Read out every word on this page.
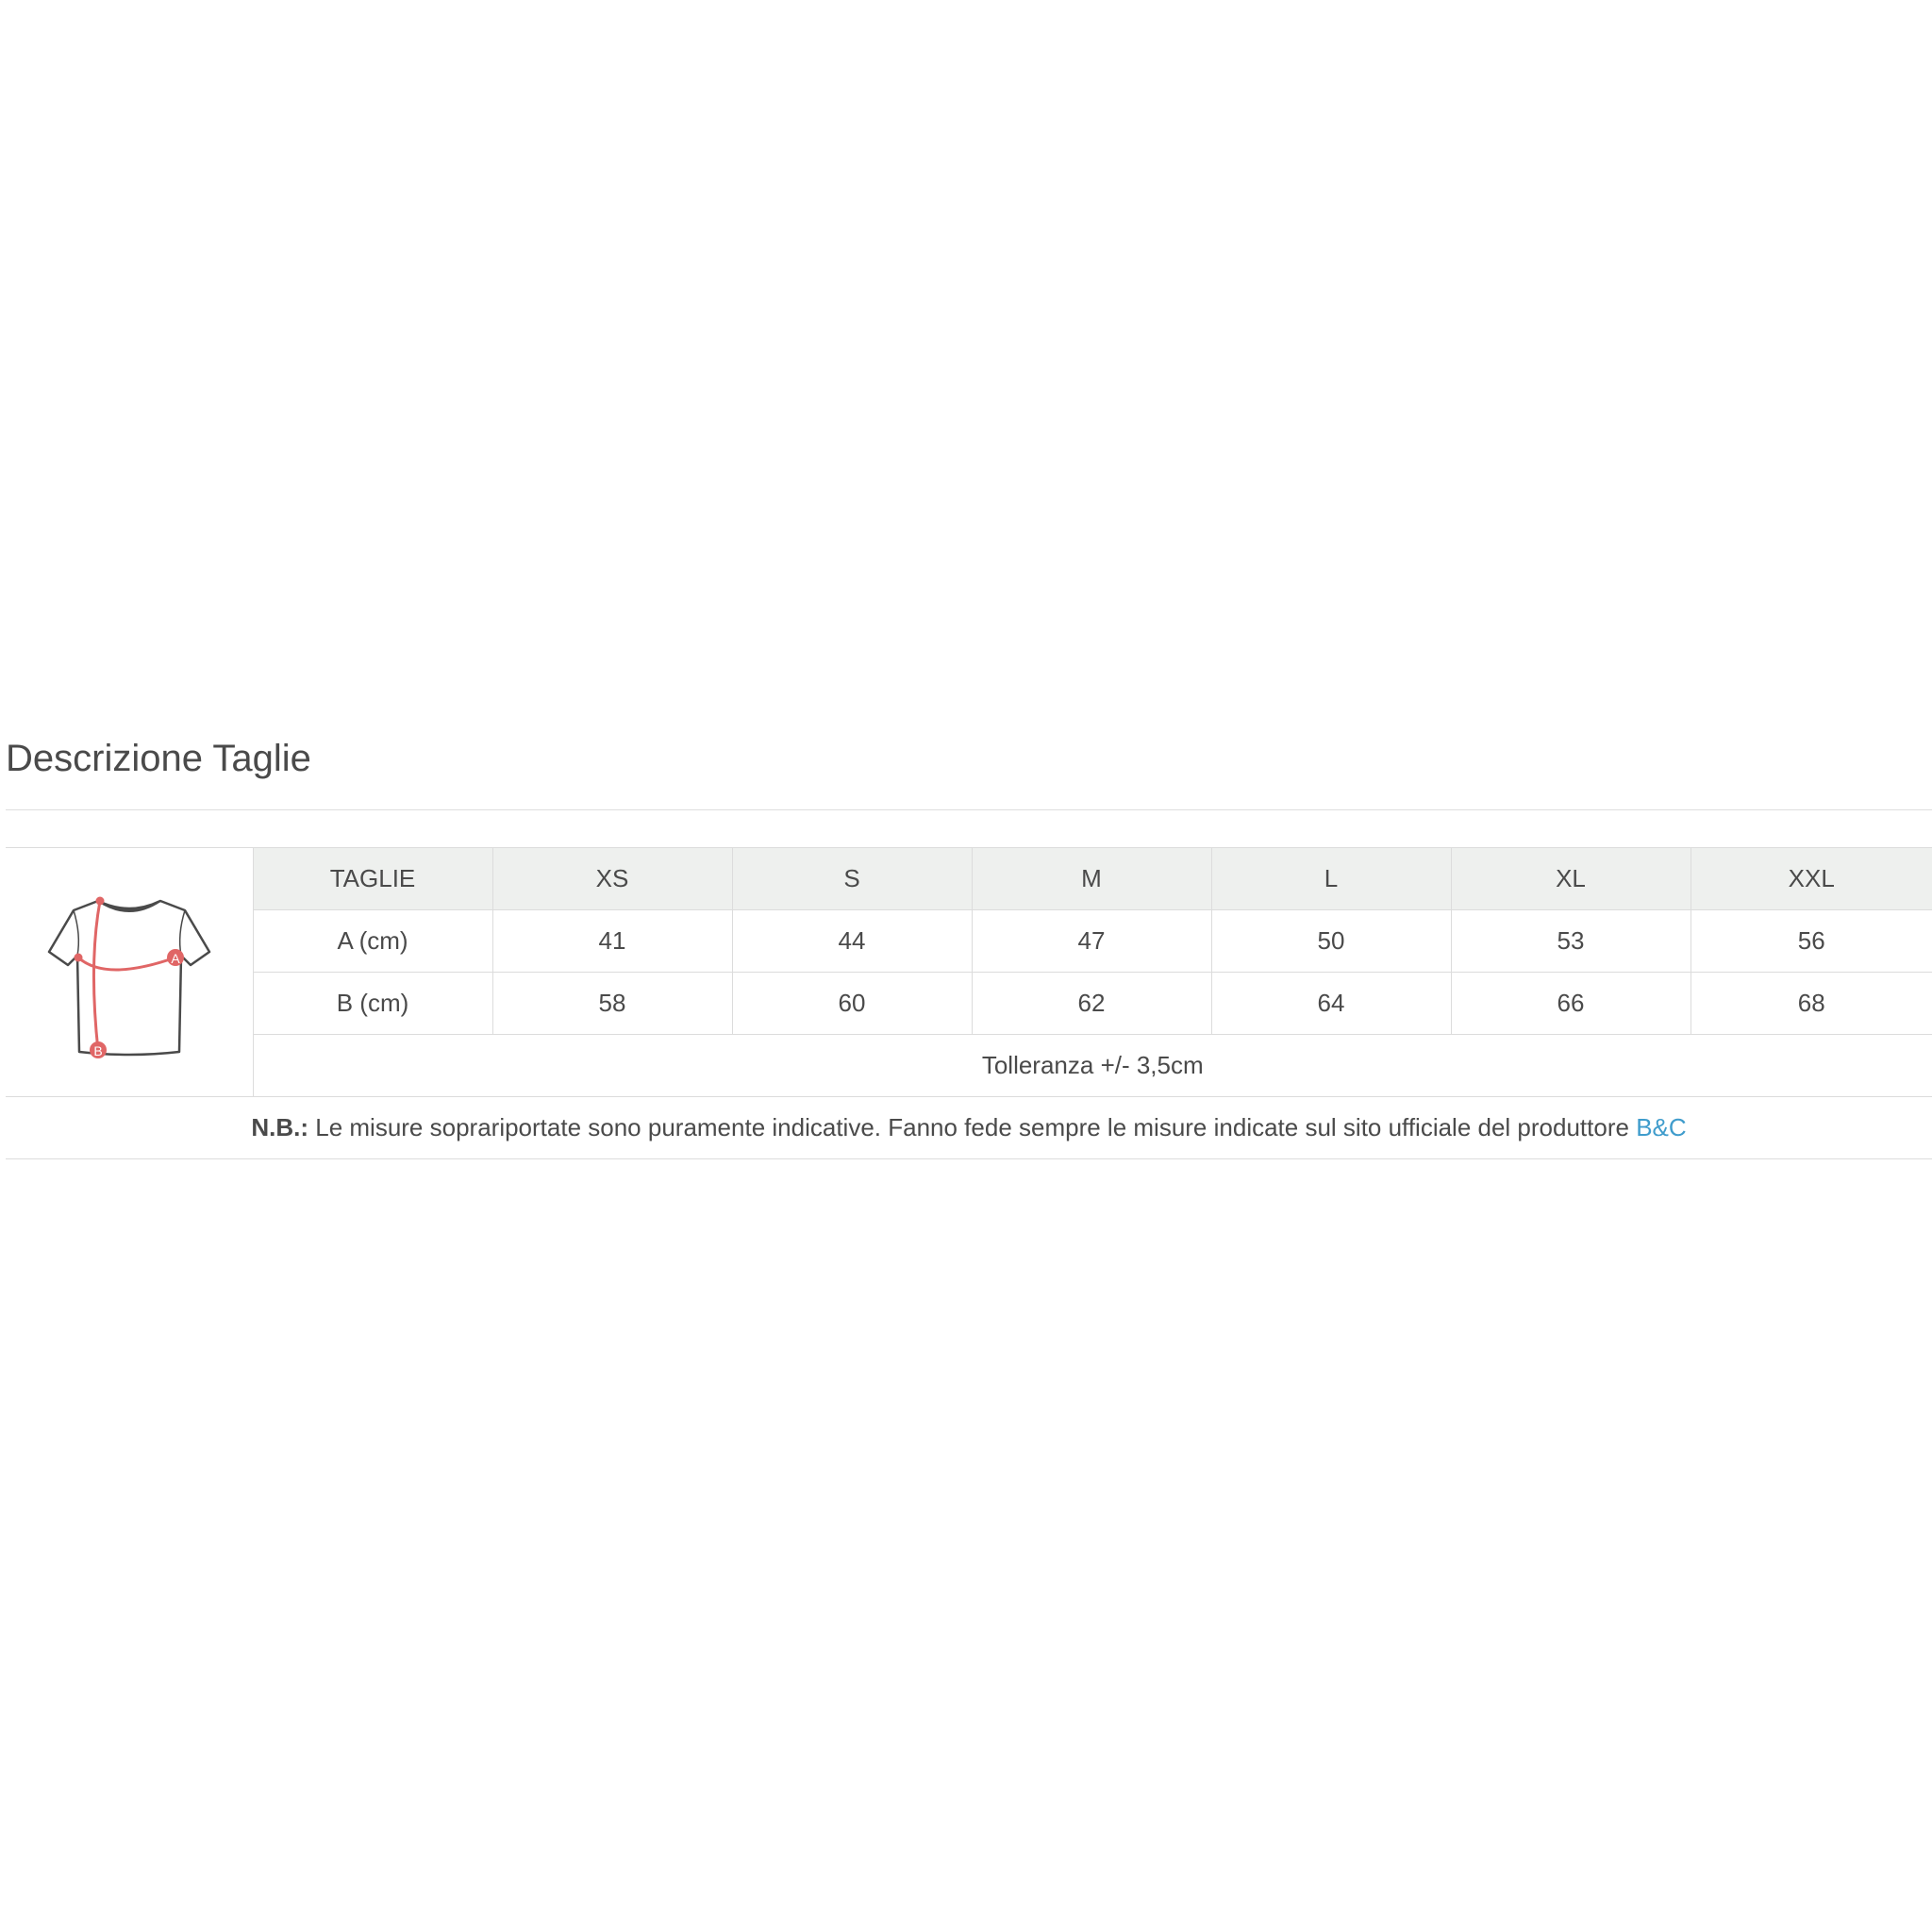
Descrizione Taglie
A
B	TAGLIE	XS	S	M	L	XL	XXL
	A (cm)	41	44	47	50	53	56
	B (cm)	58	60	62	64	66	68
	Tolleranza +/- 3,5cm						
N.B.: Le misure soprariportate sono puramente indicative. Fanno fede sempre le misure indicate sul sito ufficiale del produttore B&C							
